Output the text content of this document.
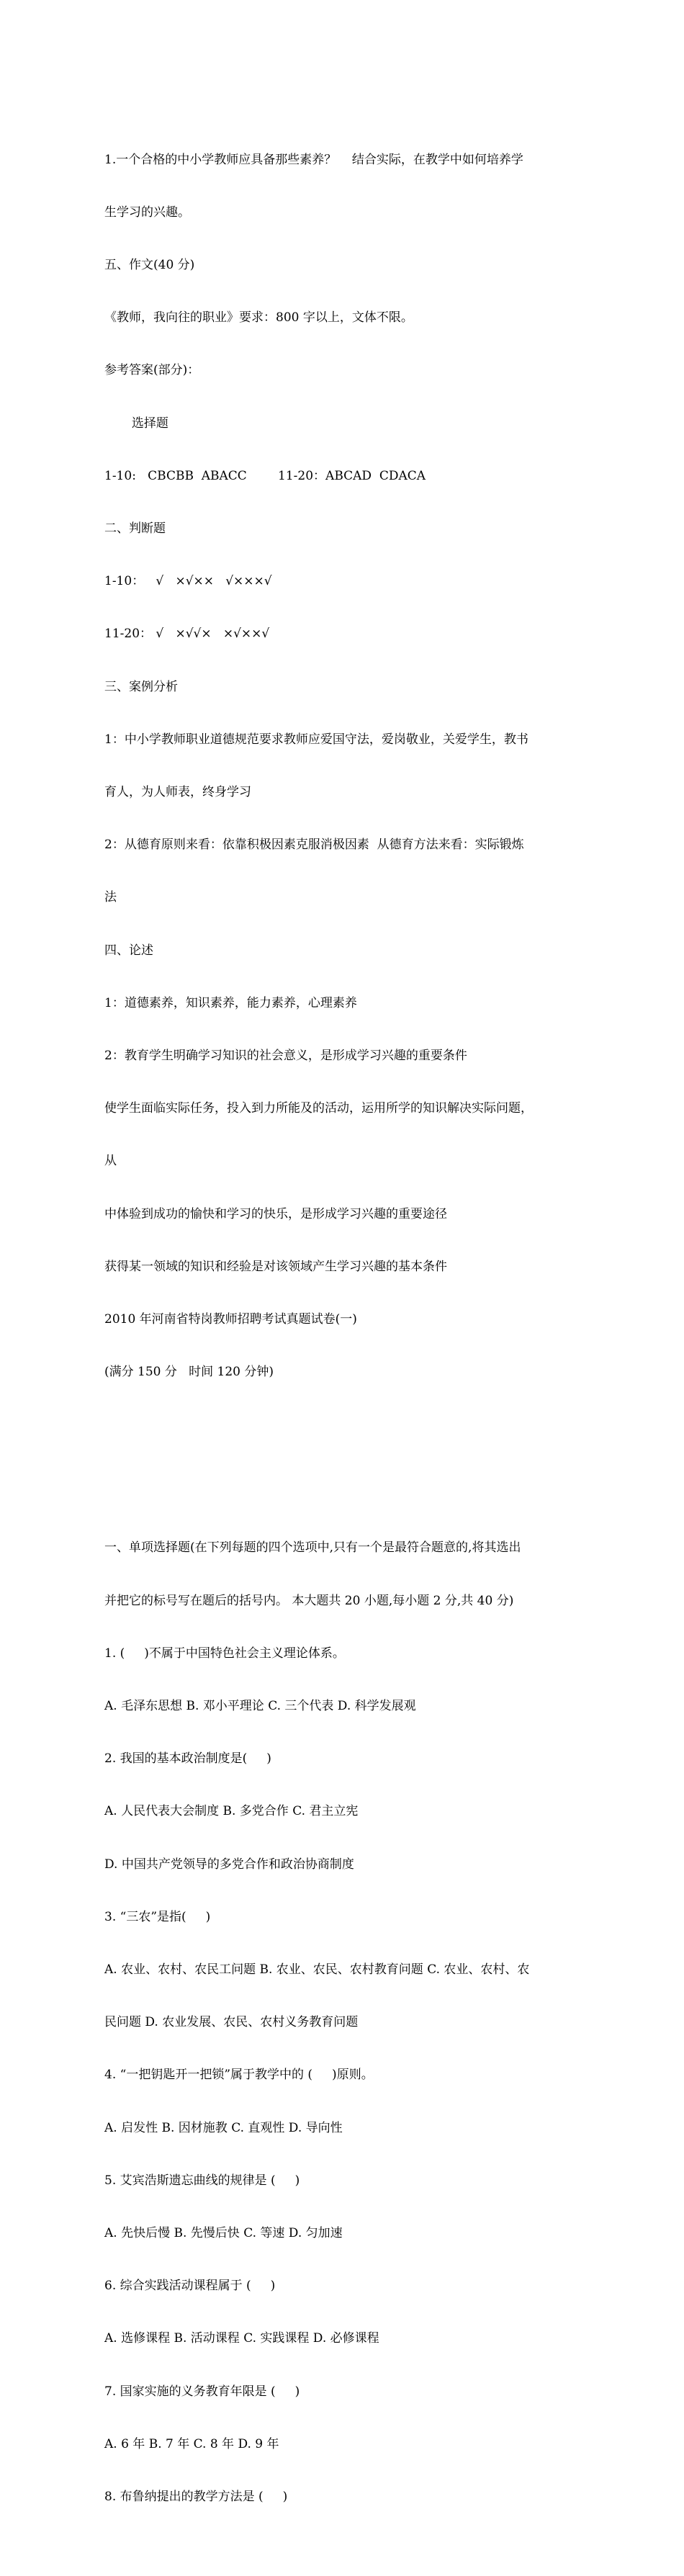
1.一个合格的中小学教师应具备那些素养？    结合实际，在教学中如何培养学

生学习的兴趣。

五、作文(40 分)

《教师，我向往的职业》要求：800 字以上，文体不限。

参考答案(部分)：

选择题

1-10:   CBCBB  ABACC        11-20：ABCAD  CDACA

二、判断题

1-10：   √   ×√××   √×××√

11-20： √   ×√√×   ×√××√

三、案例分析

1：中小学教师职业道德规范要求教师应爱国守法，爱岗敬业，关爱学生，教书

育人，为人师表，终身学习

2：从德育原则来看：依靠积极因素克服消极因素  从德育方法来看：实际锻炼

法

四、论述

1：道德素养，知识素养，能力素养，心理素养

2：教育学生明确学习知识的社会意义，是形成学习兴趣的重要条件

使学生面临实际任务，投入到力所能及的活动，运用所学的知识解决实际问题，

从

中体验到成功的愉快和学习的快乐，是形成学习兴趣的重要途径

获得某一领域的知识和经验是对该领域产生学习兴趣的基本条件

2010 年河南省特岗教师招聘考试真题试卷(一)

(满分 150 分   时间 120 分钟)

一、单项选择题(在下列每题的四个选项中,只有一个是最符合题意的,将其选出

并把它的标号写在题后的括号内。 本大题共 20 小题,每小题 2 分,共 40 分)

1. (     )不属于中国特色社会主义理论体系。

A. 毛泽东思想 B. 邓小平理论 C. 三个代表 D. 科学发展观

2. 我国的基本政治制度是(     )

A. 人民代表大会制度 B. 多党合作 C. 君主立宪

D. 中国共产党领导的多党合作和政治协商制度

3. “三农”是指(     )

A. 农业、农村、农民工问题 B. 农业、农民、农村教育问题 C. 农业、农村、农

民问题 D. 农业发展、农民、农村义务教育问题

4. “一把钥匙开一把锁”属于教学中的 (     )原则。

A. 启发性 B. 因材施教 C. 直观性 D. 导向性

5. 艾宾浩斯遗忘曲线的规律是 (     )

A. 先快后慢 B. 先慢后快 C. 等速 D. 匀加速

6. 综合实践活动课程属于 (     )

A. 选修课程 B. 活动课程 C. 实践课程 D. 必修课程

7. 国家实施的义务教育年限是 (     )

A. 6 年 B. 7 年 C. 8 年 D. 9 年

8. 布鲁纳提出的教学方法是 (     )
